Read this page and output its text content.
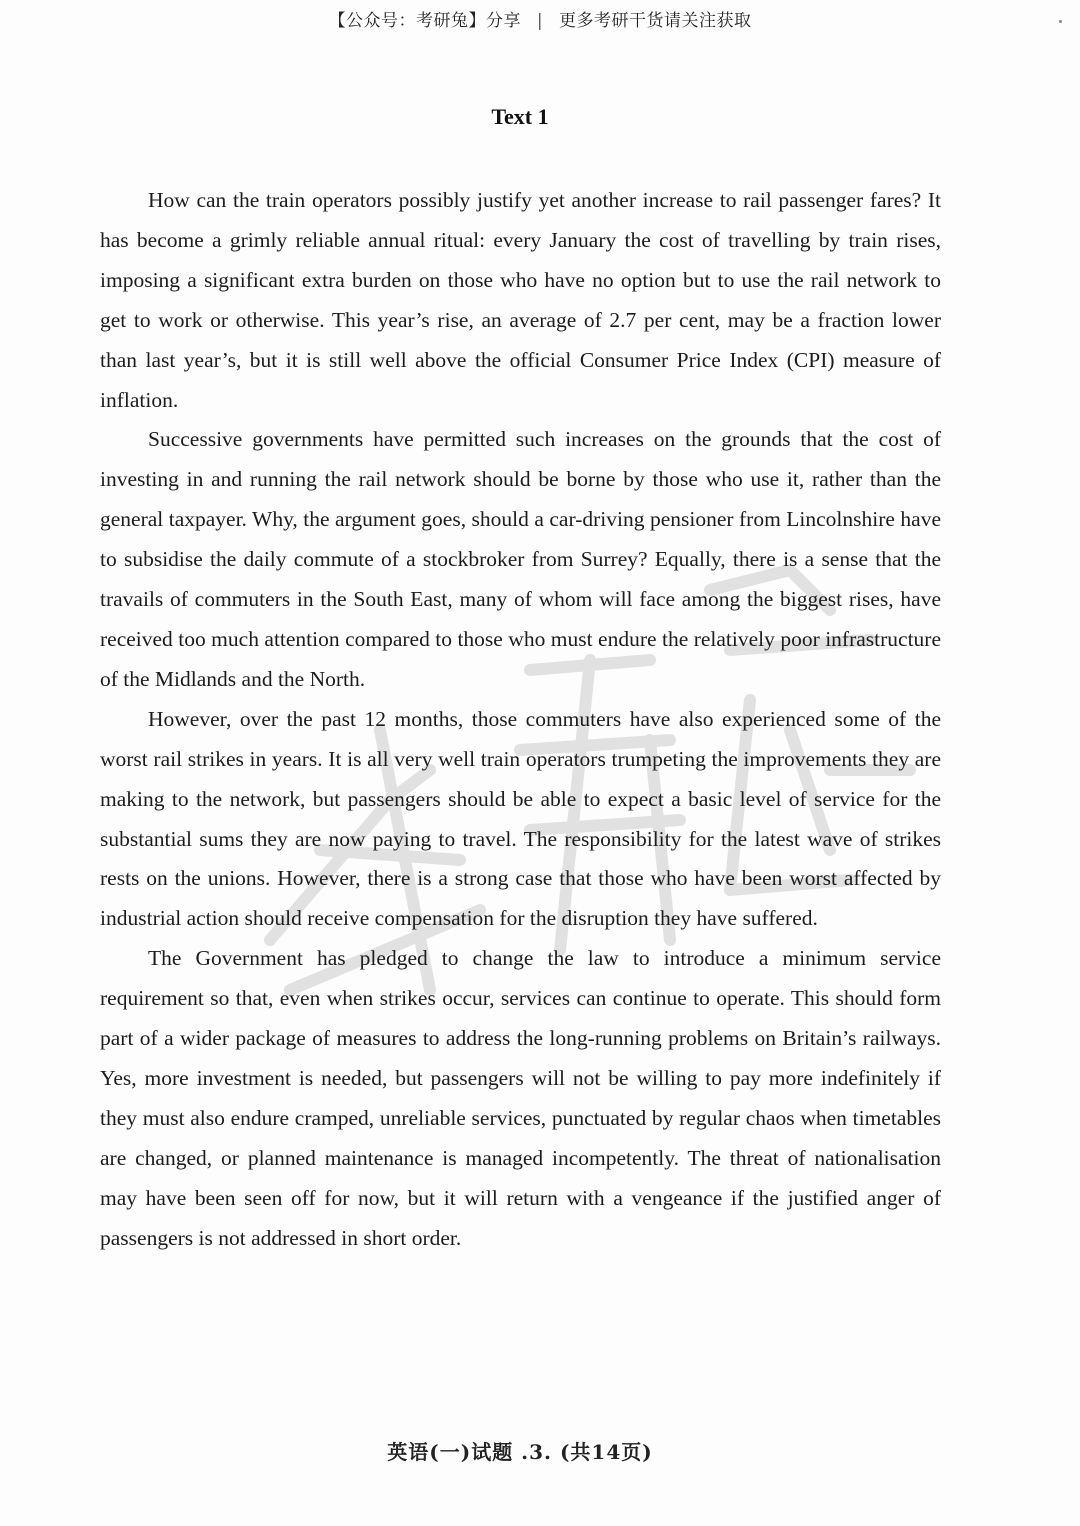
【公众号：考研兔】分享 | 更多考研干货请关注获取
Text 1

How can the train operators possibly justify yet another increase to rail passenger fares? It has become a grimly reliable annual ritual: every January the cost of travelling by train rises, imposing a significant extra burden on those who have no option but to use the rail network to get to work or otherwise. This year’s rise, an average of 2.7 per cent, may be a fraction lower than last year’s, but it is still well above the official Consumer Price Index (CPI) measure of inflation.

Successive governments have permitted such increases on the grounds that the cost of investing in and running the rail network should be borne by those who use it, rather than the general taxpayer. Why, the argument goes, should a car-driving pensioner from Lincolnshire have to subsidise the daily commute of a stockbroker from Surrey? Equally, there is a sense that the travails of commuters in the South East, many of whom will face among the biggest rises, have received too much attention compared to those who must endure the relatively poor infrastructure of the Midlands and the North.

However, over the past 12 months, those commuters have also experienced some of the worst rail strikes in years. It is all very well train operators trumpeting the improvements they are making to the network, but passengers should be able to expect a basic level of service for the substantial sums they are now paying to travel. The responsibility for the latest wave of strikes rests on the unions. However, there is a strong case that those who have been worst affected by industrial action should receive compensation for the disruption they have suffered.

The Government has pledged to change the law to introduce a minimum service requirement so that, even when strikes occur, services can continue to operate. This should form part of a wider package of measures to address the long-running problems on Britain’s railways. Yes, more investment is needed, but passengers will not be willing to pay more indefinitely if they must also endure cramped, unreliable services, punctuated by regular chaos when timetables are changed, or planned maintenance is managed incompetently. The threat of nationalisation may have been seen off for now, but it will return with a vengeance if the justified anger of passengers is not addressed in short order.

英语(一)试题 .3. (共14页)
